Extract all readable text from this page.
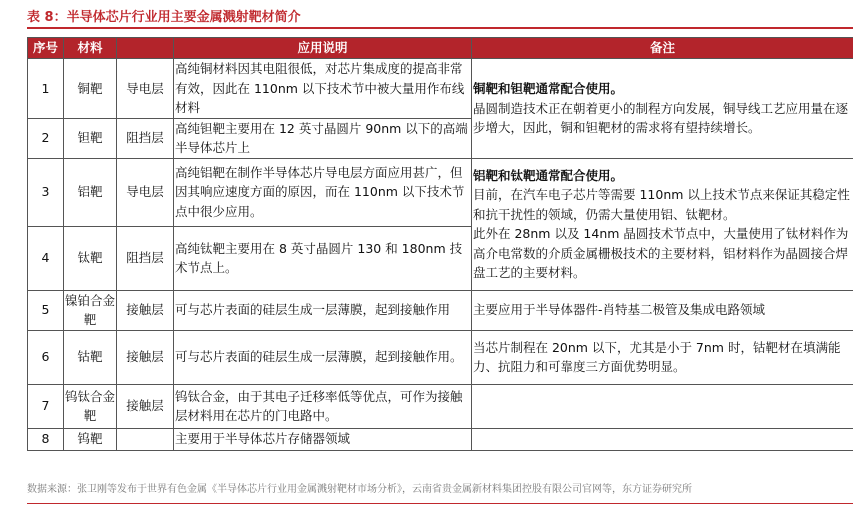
表 8：半导体芯片行业用主要金属溅射靶材简介
序号	材料		应用说明	备注
1	铜靶	导电层	高纯铜材料因其电阻很低，对芯片集成度的提高非常有效，因此在 110nm 以下技术节中被大量用作布线材料	铜靶和钽靶通常配合使用。
晶圆制造技术正在朝着更小的制程方向发展，铜导线工艺应用量在逐步增大，因此，铜和钽靶材的需求将有望持续增长。

2	钽靶	阻挡层	高纯钽靶主要用在 12 英寸晶圆片 90nm 以下的高端半导体芯片上	
3	铝靶	导电层	高纯铝靶在制作半导体芯片导电层方面应用甚广，但因其响应速度方面的原因，而在 110nm 以下技术节点中很少应用。	铝靶和钛靶通常配合使用。
目前，在汽车电子芯片等需要 110nm 以上技术节点来保证其稳定性和抗干扰性的领域，仍需大量使用铝、钛靶材。
此外在 28nm 以及 14nm 晶圆技术节点中，大量使用了钛材料作为高介电常数的介质金属栅极技术的主要材料，铝材料作为晶圆接合焊盘工艺的主要材料。

4	钛靶	阻挡层	高纯钛靶主要用在 8 英寸晶圆片 130 和 180nm 技术节点上。	
5	镍铂合金靶	接触层	可与芯片表面的硅层生成一层薄膜，起到接触作用	主要应用于半导体器件-肖特基二极管及集成电路领域
6	钴靶	接触层	可与芯片表面的硅层生成一层薄膜，起到接触作用。	当芯片制程在 20nm 以下，尤其是小于 7nm 时，钴靶材在填满能力、抗阻力和可靠度三方面优势明显。
7	钨钛合金靶	接触层	钨钛合金，由于其电子迁移率低等优点，可作为接触层材料用在芯片的门电路中。	
8	钨靶		主要用于半导体芯片存储器领域	
数据来源：张卫刚等发布于世界有色金属《半导体芯片行业用金属溅射靶材市场分析》，云南省贵金属新材料集团控股有限公司官网等，东方证券研究所
